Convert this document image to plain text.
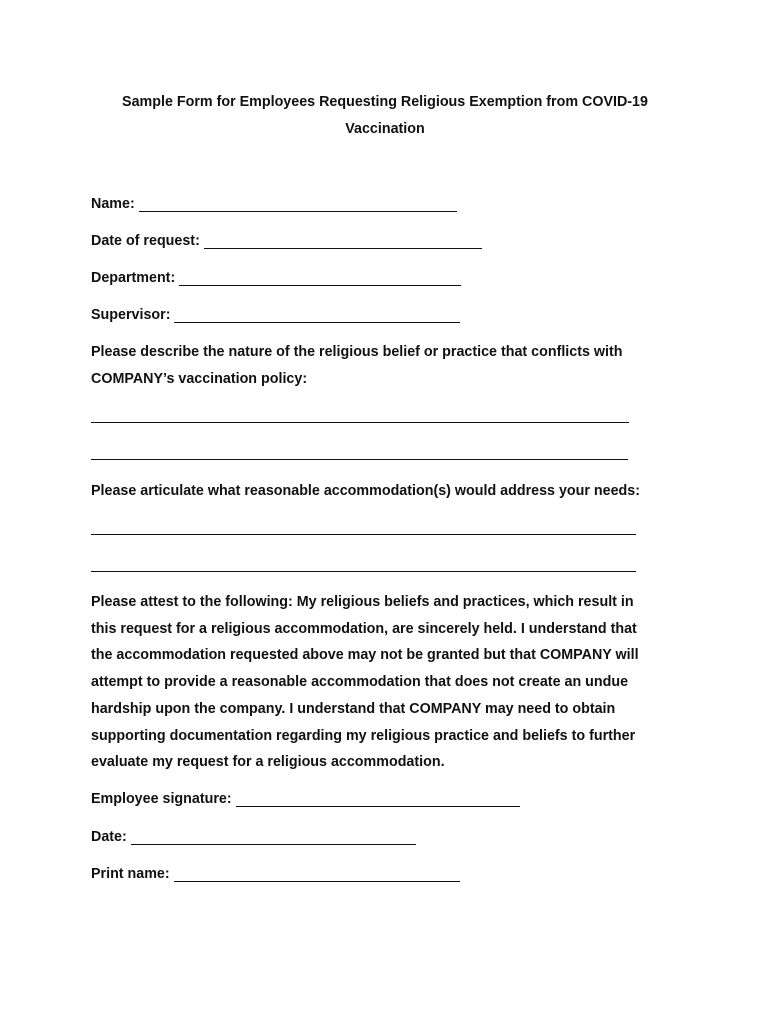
Sample Form for Employees Requesting Religious Exemption from COVID-19
Vaccination
Name:
Date of request:
Department:
Supervisor:
Please describe the nature of the religious belief or practice that conflicts with
COMPANY’s vaccination policy:
Please articulate what reasonable accommodation(s) would address your needs:
Please attest to the following: My religious beliefs and practices, which result in
this request for a religious accommodation, are sincerely held. I understand that
the accommodation requested above may not be granted but that COMPANY will
attempt to provide a reasonable accommodation that does not create an undue
hardship upon the company. I understand that COMPANY may need to obtain
supporting documentation regarding my religious practice and beliefs to further
evaluate my request for a religious accommodation.
Employee signature:
Date:
Print name:
